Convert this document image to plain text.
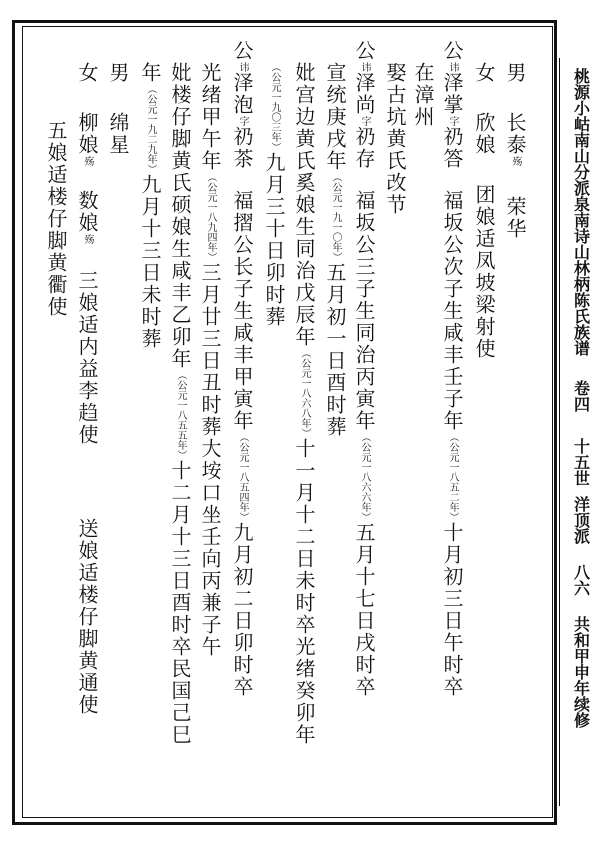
桃源小岵南山分派泉南诗山林柄陈氏族谱
卷四
十五世
洋顶派
八六
共和甲申年续修
男长泰殇荣华
女欣娘团娘适凤坡梁射使
公讳泽掌字礽答福坂公次子生咸丰壬子年（公元一八五二年）十月初三日午时卒
在漳州
娶古坑黄氏改节
公讳泽尚字礽存福坂公三子生同治丙寅年（公元一八六六年）五月十七日戌时卒
宣统庚戌年（公元一九一〇年）五月初一日酉时葬
妣宫边黄氏奚娘生同治戊辰年（公元一八六八年）十一月十二日未时卒光绪癸卯年
（公元一九〇三年）九月三十日卯时葬
公讳泽泡字礽茶福摺公长子生咸丰甲寅年（公元一八五四年）九月初二日卯时卒
光绪甲午年（公元一八九四年）三月廿三日丑时葬大垵口坐壬向丙兼子午
妣楼仔脚黄氏硕娘生咸丰乙卯年（公元一八五五年）十二月十三日酉时卒民国己巳
年（公元一九二九年）九月十三日未时葬
男绵星
女柳娘殇数娘殇三娘适内益李趋使送娘适楼仔脚黄通使
五娘适楼仔脚黄衢使
